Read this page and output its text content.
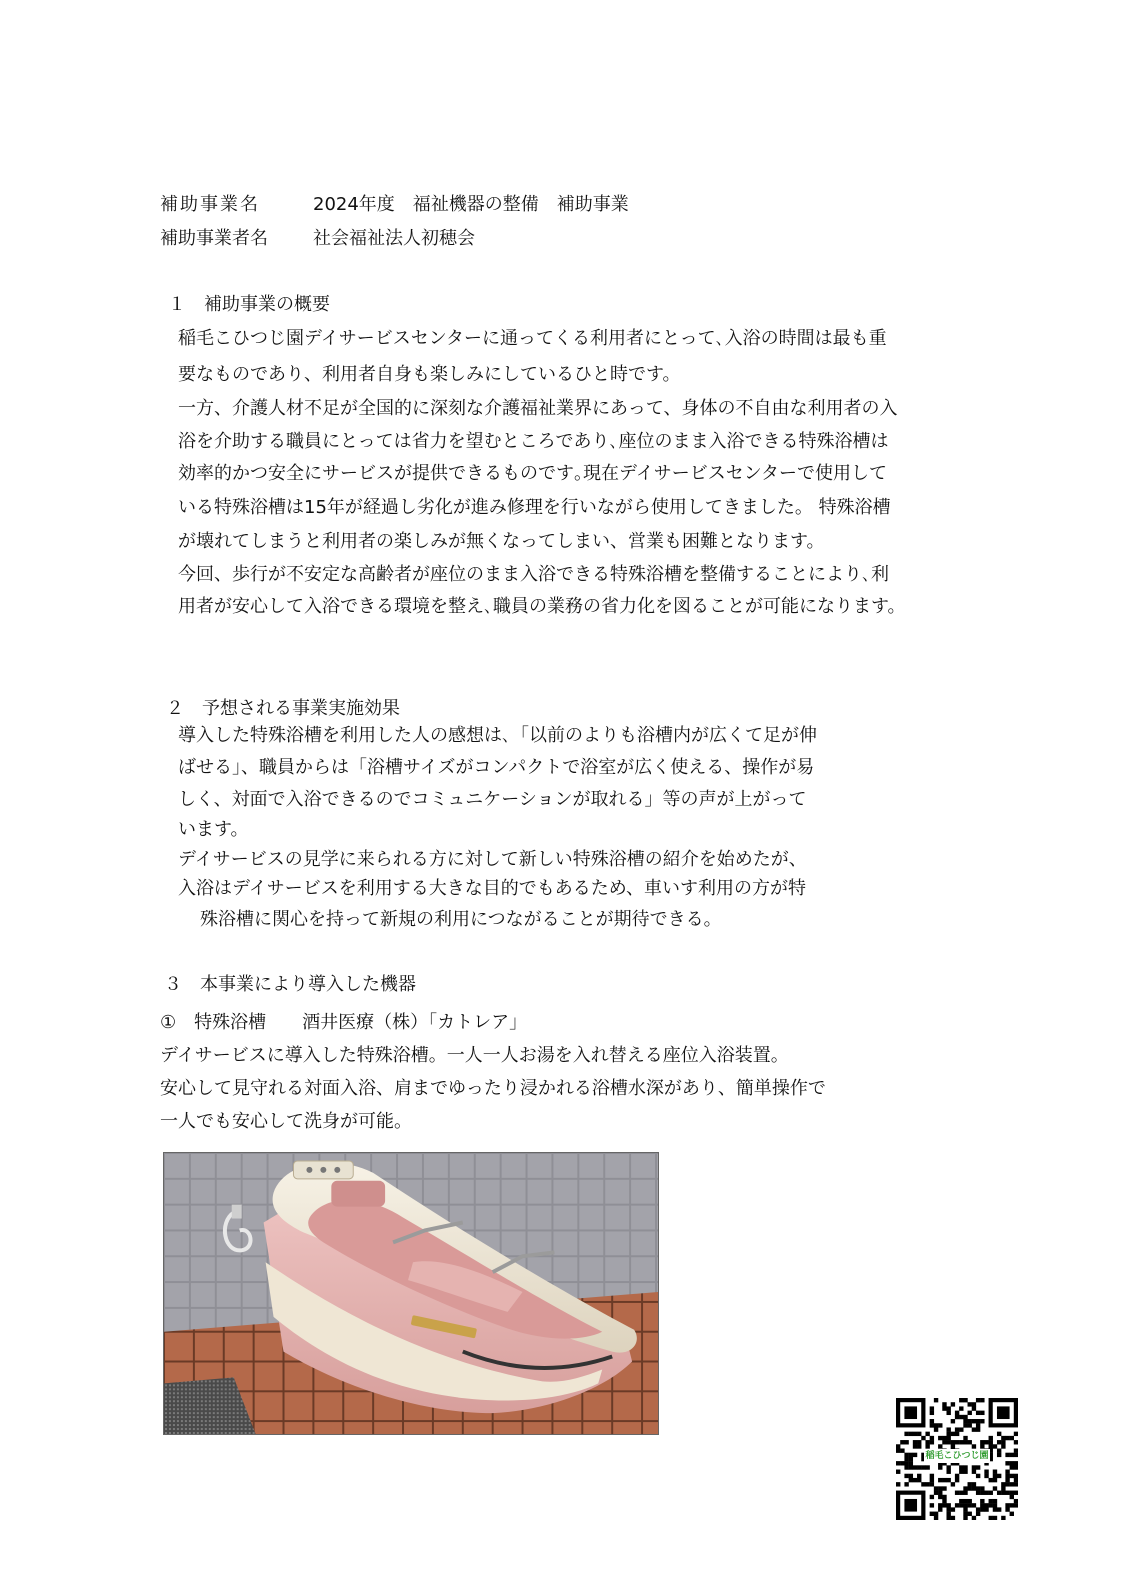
補助事業名	2024年度　福祉機器の整備　補助事業
補助事業者名	社会福祉法人初穂会
１　補助事業の概要
稲毛こひつじ園デイサービスセンターに通ってくる利用者にとって､入浴の時間は最も重
要なものであり、利用者自身も楽しみにしているひと時です。
一方、介護人材不足が全国的に深刻な介護福祉業界にあって、身体の不自由な利用者の入
浴を介助する職員にとっては省力を望むところであり､座位のまま入浴できる特殊浴槽は
効率的かつ安全にサービスが提供できるものです｡現在デイサービスセンターで使用して
いる特殊浴槽は15年が経過し劣化が進み修理を行いながら使用してきました。 特殊浴槽
が壊れてしまうと利用者の楽しみが無くなってしまい、営業も困難となります。
今回、歩行が不安定な高齢者が座位のまま入浴できる特殊浴槽を整備することにより､利
用者が安心して入浴できる環境を整え､職員の業務の省力化を図ることが可能になります。
２　予想される事業実施効果
導入した特殊浴槽を利用した人の感想は､「以前のよりも浴槽内が広くて足が伸
ばせる」、職員からは「浴槽サイズがコンパクトで浴室が広く使える、操作が易
しく、対面で入浴できるのでコミュニケーションが取れる」等の声が上がって
います。
デイサービスの見学に来られる方に対して新しい特殊浴槽の紹介を始めたが、
入浴はデイサービスを利用する大きな目的でもあるため、車いす利用の方が特
殊浴槽に関心を持って新規の利用につながることが期待できる。
３　本事業により導入した機器
①　特殊浴槽　　酒井医療（株）「カトレア」
デイサービスに導入した特殊浴槽。一人一人お湯を入れ替える座位入浴装置。
安心して見守れる対面入浴、肩までゆったり浸かれる浴槽水深があり、簡単操作で
一人でも安心して洗身が可能。
稲毛こひつじ園
